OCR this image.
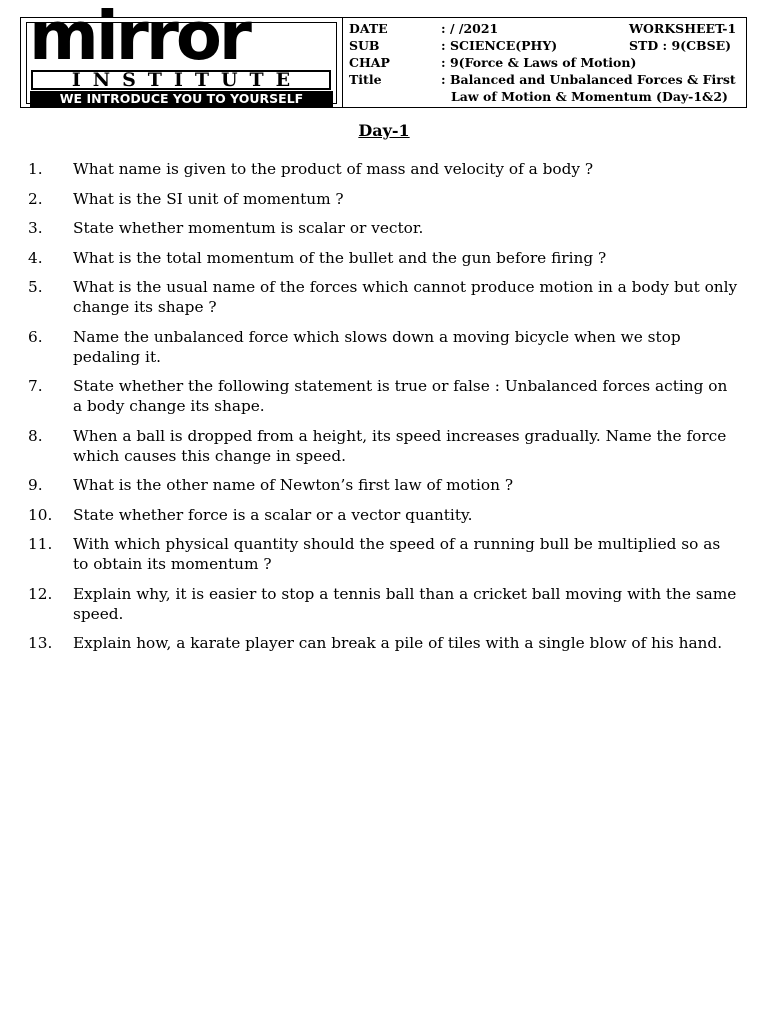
mirror
INSTITUTE
WE INTRODUCE YOU TO YOURSELF
DATE	: / /2021	WORKSHEET-1
SUB	: SCIENCE(PHY)	STD : 9(CBSE)
CHAP	: 9(Force & Laws of Motion)
Title	: Balanced and Unbalanced Forces & First
Law of Motion & Momentum (Day-1&2)
Day-1
1. What name is given to the product of mass and velocity of a body ?
2. What is the SI unit of momentum ?
3. State whether momentum is scalar or vector.
4. What is the total momentum of the bullet and the gun before firing ?
5. What is the usual name of the forces which cannot produce motion in a body but only change its shape ?
6. Name the unbalanced force which slows down a moving bicycle when we stop pedaling it.
7. State whether the following statement is true or false : Unbalanced forces acting on a body change its shape.
8. When a ball is dropped from a height, its speed increases gradually. Name the force which causes this change in speed.
9. What is the other name of Newton’s first law of motion ?
10. State whether force is a scalar or a vector quantity.
11. With which physical quantity should the speed of a running bull be multiplied so as to obtain its momentum ?
12. Explain why, it is easier to stop a tennis ball than a cricket ball moving with the same speed.
13. Explain how, a karate player can break a pile of tiles with a single blow of his hand.
